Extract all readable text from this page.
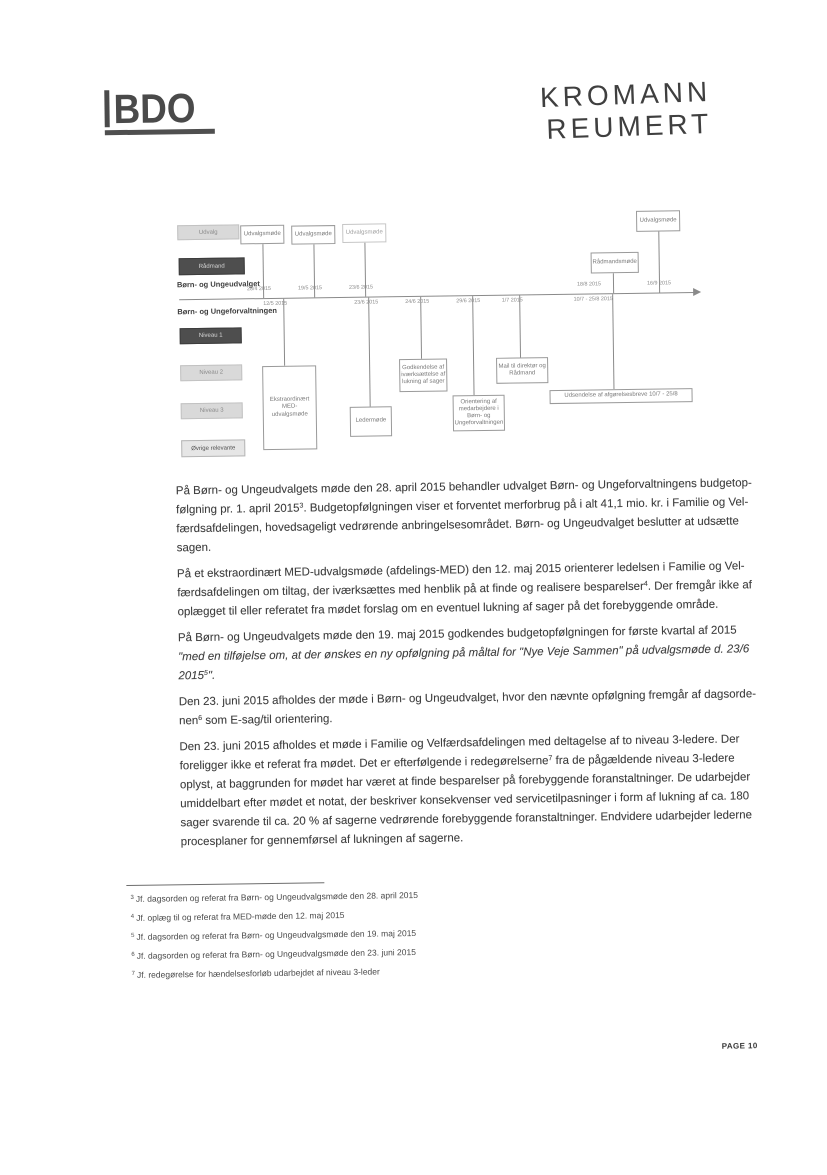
BDO	KROMANN
REUMERT
Børn- og Ungeudvalget
Børn- og Ungeforvaltningen
Udvalg
Rådmand
Niveau 1
Niveau 2
Niveau 3
Øvrige relevante
Udvalgsmøde
28/4 2015
Udvalgsmøde
19/5 2015
Udvalgsmøde
23/6 2015
Rådmandsmøde
18/8 2015
Udvalgsmøde
16/9 2015
Ekstraordinært MED-udvalgsmøde
12/5 2015
Ledermøde
23/6 2015
Godkendelse af iværksættelse af lukning af sager
24/6 2015
Orientering af medarbejdere i Børn- og Ungeforvaltningen
29/6 2015
Mail til direktør og Rådmand
1/7 2015
Udsendelse af afgørelsesbreve 10/7 - 25/8
10/7 - 25/8 2015

På Børn- og Ungeudvalgets møde den 28. april 2015 behandler udvalget Børn- og Ungeforvaltningens budgetop-
følgning pr. 1. april 2015$^3$. Budgetopfølgningen viser et forventet merforbrug på i alt 41,1 mio. kr. i Familie og Vel-
færdsafdelingen, hovedsageligt vedrørende anbringelsesområdet. Børn- og Ungeudvalget beslutter at udsætte
sagen.

På et ekstraordinært MED-udvalgsmøde (afdelings-MED) den 12. maj 2015 orienterer ledelsen i Familie og Vel-
færdsafdelingen om tiltag, der iværksættes med henblik på at finde og realisere besparelser$^4$. Der fremgår ikke af
oplægget til eller referatet fra mødet forslag om en eventuel lukning af sager på det forebyggende område.

På Børn- og Ungeudvalgets møde den 19. maj 2015 godkendes budgetopfølgningen for første kvartal af 2015
"med en tilføjelse om, at der ønskes en ny opfølgning på måltal for "Nye Veje Sammen" på udvalgsmøde d. 23/6
2015$^5$".

Den 23. juni 2015 afholdes der møde i Børn- og Ungeudvalget, hvor den nævnte opfølgning fremgår af dagsorde-
nen$^6$ som E-sag/til orientering.

Den 23. juni 2015 afholdes et møde i Familie og Velfærdsafdelingen med deltagelse af to niveau 3-ledere. Der
foreligger ikke et referat fra mødet. Det er efterfølgende i redegørelserne$^7$ fra de pågældende niveau 3-ledere
oplyst, at baggrunden for mødet har været at finde besparelser på forebyggende foranstaltninger. De udarbejder
umiddelbart efter mødet et notat, der beskriver konsekvenser ved servicetilpasninger i form af lukning af ca. 180
sager svarende til ca. 20 % af sagerne vedrørende forebyggende foranstaltninger. Endvidere udarbejder lederne
procesplaner for gennemførsel af lukningen af sagerne.

$^3$ Jf. dagsorden og referat fra Børn- og Ungeudvalgsmøde den 28. april 2015
$^4$ Jf. oplæg til og referat fra MED-møde den 12. maj 2015
$^5$ Jf. dagsorden og referat fra Børn- og Ungeudvalgsmøde den 19. maj 2015
$^6$ Jf. dagsorden og referat fra Børn- og Ungeudvalgsmøde den 23. juni 2015
$^7$ Jf. redegørelse for hændelsesforløb udarbejdet af niveau 3-leder
PAGE 10
